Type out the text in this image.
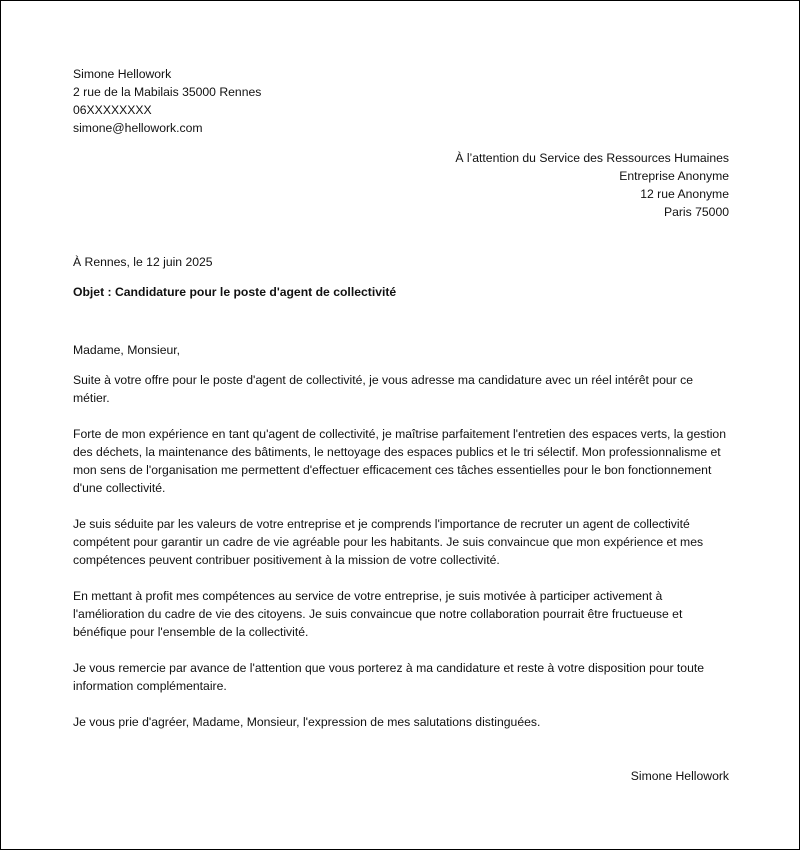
Simone Hellowork
2 rue de la Mabilais 35000 Rennes
06XXXXXXXX
simone@hellowork.com
À l’attention du Service des Ressources Humaines
Entreprise Anonyme
12 rue Anonyme
Paris 75000
À Rennes, le 12 juin 2025
Objet : Candidature pour le poste d'agent de collectivité
Madame, Monsieur,
Suite à votre offre pour le poste d'agent de collectivité, je vous adresse ma candidature avec un réel intérêt pour ce métier.
Forte de mon expérience en tant qu'agent de collectivité, je maîtrise parfaitement l'entretien des espaces verts, la gestion des déchets, la maintenance des bâtiments, le nettoyage des espaces publics et le tri sélectif. Mon professionnalisme et mon sens de l'organisation me permettent d'effectuer efficacement ces tâches essentielles pour le bon fonctionnement d'une collectivité.
Je suis séduite par les valeurs de votre entreprise et je comprends l'importance de recruter un agent de collectivité compétent pour garantir un cadre de vie agréable pour les habitants. Je suis convaincue que mon expérience et mes compétences peuvent contribuer positivement à la mission de votre collectivité.
En mettant à profit mes compétences au service de votre entreprise, je suis motivée à participer activement à l'amélioration du cadre de vie des citoyens. Je suis convaincue que notre collaboration pourrait être fructueuse et bénéfique pour l'ensemble de la collectivité.
Je vous remercie par avance de l'attention que vous porterez à ma candidature et reste à votre disposition pour toute information complémentaire.
Je vous prie d'agréer, Madame, Monsieur, l'expression de mes salutations distinguées.
Simone Hellowork
